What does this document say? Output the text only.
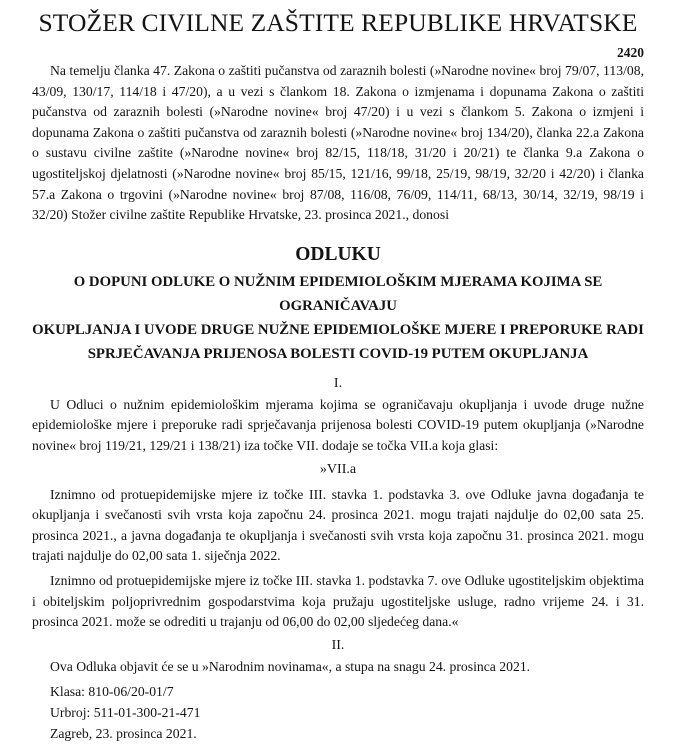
STOŽER CIVILNE ZAŠTITE REPUBLIKE HRVATSKE
2420

Na temelju članka 47. Zakona o zaštiti pučanstva od zaraznih bolesti (»Narodne novine« broj 79/07, 113/08, 43/09, 130/17, 114/18 i 47/20), a u vezi s člankom 18. Zakona o izmjenama i dopunama Zakona o zaštiti pučanstva od zaraznih bolesti (»Narodne novine« broj 47/20) i u vezi s člankom 5. Zakona o izmjeni i dopunama Zakona o zaštiti pučanstva od zaraznih bolesti (»Narodne novine« broj 134/20), članka 22.a Zakona o sustavu civilne zaštite (»Narodne novine« broj 82/15, 118/18, 31/20 i 20/21) te članka 9.a Zakona o ugostiteljskoj djelatnosti (»Narodne novine« broj 85/15, 121/16, 99/18, 25/19, 98/19, 32/20 i 42/20) i članka 57.a Zakona o trgovini (»Narodne novine« broj 87/08, 116/08, 76/09, 114/11, 68/13, 30/14, 32/19, 98/19 i 32/20) Stožer civilne zaštite Republike Hrvatske, 23. prosinca 2021., donosi

ODLUKU
O DOPUNI ODLUKE O NUŽNIM EPIDEMIOLOŠKIM MJERAMA KOJIMA SE OGRANIČAVAJU
OKUPLJANJA I UVODE DRUGE NUŽNE EPIDEMIOLOŠKE MJERE I PREPORUKE RADI
SPRJEČAVANJA PRIJENOSA BOLESTI COVID-19 PUTEM OKUPLJANJA
I.

U Odluci o nužnim epidemiološkim mjerama kojima se ograničavaju okupljanja i uvode druge nužne epidemiološke mjere i preporuke radi sprječavanja prijenosa bolesti COVID-19 putem okupljanja (»Narodne novine« broj 119/21, 129/21 i 138/21) iza točke VII. dodaje se točka VII.a koja glasi:

»VII.a

Iznimno od protuepidemijske mjere iz točke III. stavka 1. podstavka 3. ove Odluke javna događanja te okupljanja i svečanosti svih vrsta koja započnu 24. prosinca 2021. mogu trajati najdulje do 02,00 sata 25. prosinca 2021., a javna događanja te okupljanja i svečanosti svih vrsta koja započnu 31. prosinca 2021. mogu trajati najdulje do 02,00 sata 1. siječnja 2022.

Iznimno od protuepidemijske mjere iz točke III. stavka 1. podstavka 7. ove Odluke ugostiteljskim objektima i obiteljskim poljoprivrednim gospodarstvima koja pružaju ugostiteljske usluge, radno vrijeme 24. i 31. prosinca 2021. može se odrediti u trajanju od 06,00 do 02,00 sljedećeg dana.«

II.

Ova Odluka objavit će se u »Narodnim novinama«, a stupa na snagu 24. prosinca 2021.

Klasa: 810-06/20-01/7

Urbroj: 511-01-300-21-471

Zagreb, 23. prosinca 2021.
